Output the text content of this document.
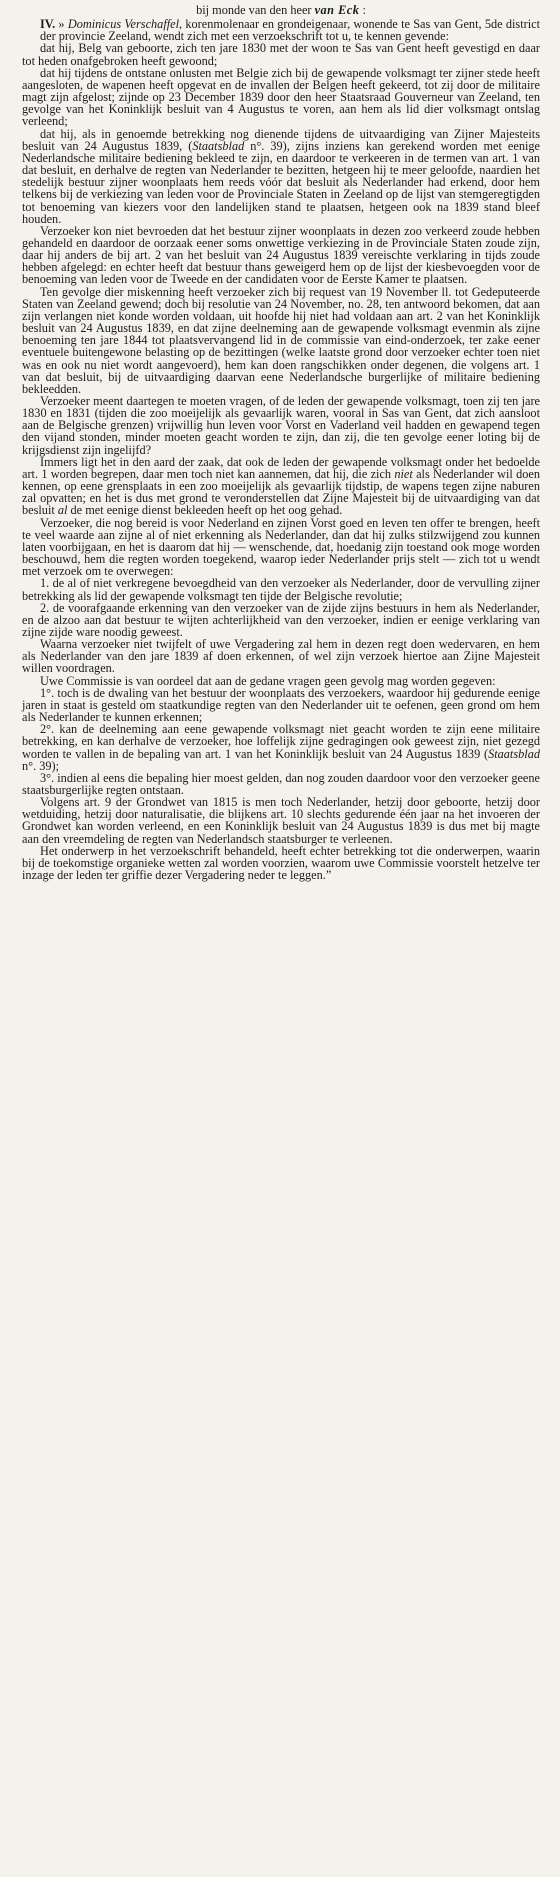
bij monde van den heer van Eck :

IV. » Dominicus Verschaffel, korenmolenaar en grondeigenaar, wonende te Sas van Gent, 5de district der provincie Zeeland, wendt zich met een verzoekschrift tot u, te kennen gevende:

dat hij, Belg van geboorte, zich ten jare 1830 met der woon te Sas van Gent heeft gevestigd en daar tot heden onafgebroken heeft gewoond;

dat hij tijdens de ontstane onlusten met Belgie zich bij de gewapende volksmagt ter zijner stede heeft aangesloten, de wapenen heeft opgevat en de invallen der Belgen heeft gekeerd, tot zij door de militaire magt zijn afgelost; zijnde op 23 December 1839 door den heer Staatsraad Gouverneur van Zeeland, ten gevolge van het Koninklijk besluit van 4 Augustus te voren, aan hem als lid dier volksmagt ontslag verleend;

dat hij, als in genoemde betrekking nog dienende tijdens de uitvaardiging van Zijner Majesteits besluit van 24 Augustus 1839, (Staatsblad n°. 39), zijns inziens kan gerekend worden met eenige Nederlandsche militaire bediening bekleed te zijn, en daardoor te verkeeren in de termen van art. 1 van dat besluit, en derhalve de regten van Nederlander te bezitten, hetgeen hij te meer geloofde, naardien het stedelijk bestuur zijner woonplaats hem reeds vóór dat besluit als Nederlander had erkend, door hem telkens bij de verkiezing van leden voor de Provinciale Staten in Zeeland op de lijst van stemgeregtigden tot benoeming van kiezers voor den landelijken stand te plaatsen, hetgeen ook na 1839 stand bleef houden.

Verzoeker kon niet bevroeden dat het bestuur zijner woonplaats in dezen zoo verkeerd zoude hebben gehandeld en daardoor de oorzaak eener soms onwettige verkiezing in de Provinciale Staten zoude zijn, daar hij anders de bij art. 2 van het besluit van 24 Augustus 1839 vereischte verklaring in tijds zoude hebben afgelegd: en echter heeft dat bestuur thans geweigerd hem op de lijst der kiesbevoegden voor de benoeming van leden voor de Tweede en der candidaten voor de Eerste Kamer te plaatsen.

Ten gevolge dier miskenning heeft verzoeker zich bij request van 19 November ll. tot Gedeputeerde Staten van Zeeland gewend; doch bij resolutie van 24 November, no. 28, ten antwoord bekomen, dat aan zijn verlangen niet konde worden voldaan, uit hoofde hij niet had voldaan aan art. 2 van het Koninklijk besluit van 24 Augustus 1839, en dat zijne deelneming aan de gewapende volksmagt evenmin als zijne benoeming ten jare 1844 tot plaatsvervangend lid in de commissie van eind-onderzoek, ter zake eener eventuele buitengewone belasting op de bezittingen (welke laatste grond door verzoeker echter toen niet was en ook nu niet wordt aangevoerd), hem kan doen rangschikken onder degenen, die volgens art. 1 van dat besluit, bij de uitvaardiging daarvan eene Nederlandsche burgerlijke of militaire bediening bekleedden.

Verzoeker meent daartegen te moeten vragen, of de leden der gewapende volksmagt, toen zij ten jare 1830 en 1831 (tijden die zoo moeijelijk als gevaarlijk waren, vooral in Sas van Gent, dat zich aansloot aan de Belgische grenzen) vrijwillig hun leven voor Vorst en Vaderland veil hadden en gewapend tegen den vijand stonden, minder moeten geacht worden te zijn, dan zij, die ten gevolge eener loting bij de krijgsdienst zijn ingelijfd?

Immers ligt het in den aard der zaak, dat ook de leden der gewapende volksmagt onder het bedoelde art. 1 worden begrepen, daar men toch niet kan aannemen, dat hij, die zich niet als Nederlander wil doen kennen, op eene grensplaats in een zoo moeijelijk als gevaarlijk tijdstip, de wapens tegen zijne naburen zal opvatten; en het is dus met grond te veronderstellen dat Zijne Majesteit bij de uitvaardiging van dat besluit al de met eenige dienst bekleeden heeft op het oog gehad.

Verzoeker, die nog bereid is voor Nederland en zijnen Vorst goed en leven ten offer te brengen, heeft te veel waarde aan zijne al of niet erkenning als Nederlander, dan dat hij zulks stilzwijgend zou kunnen laten voorbijgaan, en het is daarom dat hij — wenschende, dat, hoedanig zijn toestand ook moge worden beschouwd, hem die regten worden toegekend, waarop ieder Nederlander prijs stelt — zich tot u wendt met verzoek om te overwegen:

1. de al of niet verkregene bevoegdheid van den verzoeker als Nederlander, door de vervulling zijner betrekking als lid der gewapende volksmagt ten tijde der Belgische revolutie;

2. de voorafgaande erkenning van den verzoeker van de zijde zijns bestuurs in hem als Nederlander, en de alzoo aan dat bestuur te wijten achterlijkheid van den verzoeker, indien er eenige verklaring van zijne zijde ware noodig geweest.

Waarna verzoeker niet twijfelt of uwe Vergadering zal hem in dezen regt doen wedervaren, en hem als Nederlander van den jare 1839 af doen erkennen, of wel zijn verzoek hiertoe aan Zijne Majesteit willen voordragen.

Uwe Commissie is van oordeel dat aan de gedane vragen geen gevolg mag worden gegeven:

1°. toch is de dwaling van het bestuur der woonplaats des verzoekers, waardoor hij gedurende eenige jaren in staat is gesteld om staatkundige regten van den Nederlander uit te oefenen, geen grond om hem als Nederlander te kunnen erkennen;

2°. kan de deelneming aan eene gewapende volksmagt niet geacht worden te zijn eene militaire betrekking, en kan derhalve de verzoeker, hoe loffelijk zijne gedragingen ook geweest zijn, niet gezegd worden te vallen in de bepaling van art. 1 van het Koninklijk besluit van 24 Augustus 1839 (Staatsblad n°. 39);

3°. indien al eens die bepaling hier moest gelden, dan nog zouden daardoor voor den verzoeker geene staatsburgerlijke regten ontstaan.

Volgens art. 9 der Grondwet van 1815 is men toch Nederlander, hetzij door geboorte, hetzij door wetduiding, hetzij door naturalisatie, die blijkens art. 10 slechts gedurende één jaar na het invoeren der Grondwet kan worden verleend, en een Koninklijk besluit van 24 Augustus 1839 is dus met bij magte aan den vreemdeling de regten van Nederlandsch staatsburger te verleenen.

Het onderwerp in het verzoekschrift behandeld, heeft echter betrekking tot die onderwerpen, waarin bij de toekomstige organieke wetten zal worden voorzien, waarom uwe Commissie voorstelt hetzelve ter inzage der leden ter griffie dezer Vergadering neder te leggen.”
